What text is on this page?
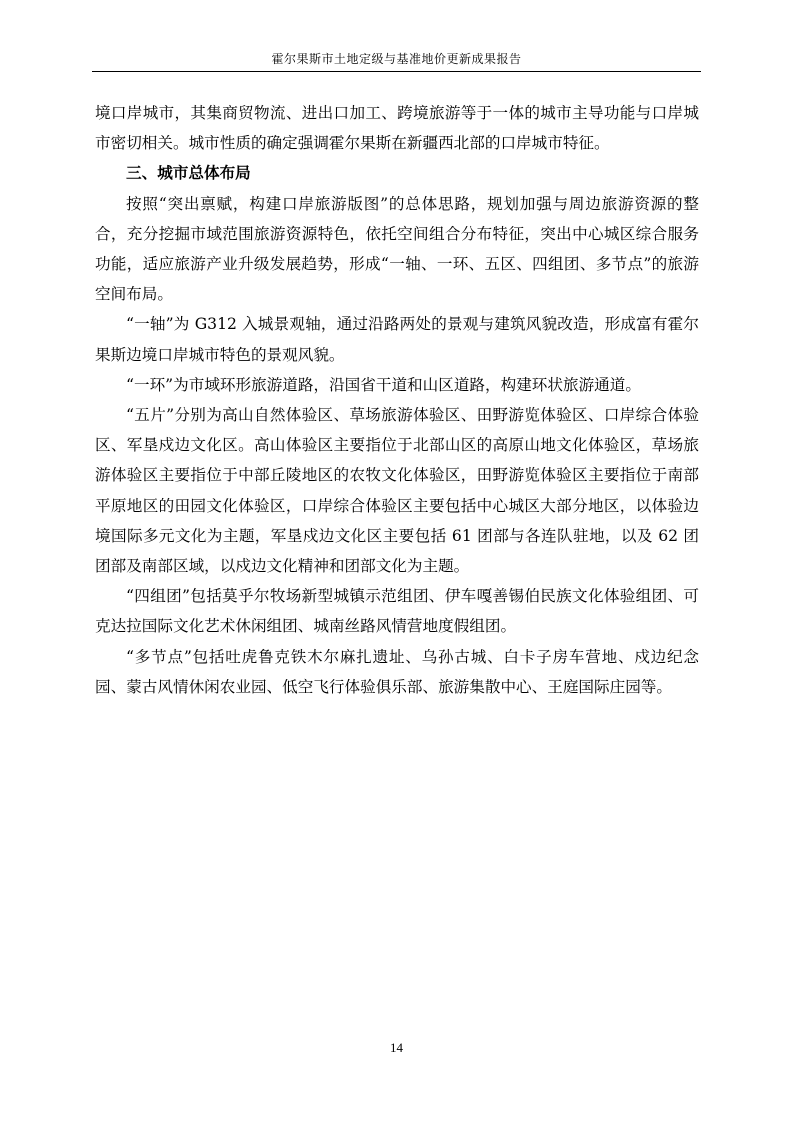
霍尔果斯市土地定级与基准地价更新成果报告

境口岸城市，其集商贸物流、进出口加工、跨境旅游等于一体的城市主导功能与口岸城市密切相关。城市性质的确定强调霍尔果斯在新疆西北部的口岸城市特征。

三、城市总体布局

按照“突出禀赋，构建口岸旅游版图”的总体思路，规划加强与周边旅游资源的整合，充分挖掘市域范围旅游资源特色，依托空间组合分布特征，突出中心城区综合服务功能，适应旅游产业升级发展趋势，形成“一轴、一环、五区、四组团、多节点”的旅游空间布局。

“一轴”为 G312 入城景观轴，通过沿路两处的景观与建筑风貌改造，形成富有霍尔果斯边境口岸城市特色的景观风貌。

“一环”为市域环形旅游道路，沿国省干道和山区道路，构建环状旅游通道。

“五片”分别为高山自然体验区、草场旅游体验区、田野游览体验区、口岸综合体验区、军垦戍边文化区。高山体验区主要指位于北部山区的高原山地文化体验区，草场旅游体验区主要指位于中部丘陵地区的农牧文化体验区，田野游览体验区主要指位于南部平原地区的田园文化体验区，口岸综合体验区主要包括中心城区大部分地区，以体验边境国际多元文化为主题，军垦戍边文化区主要包括 61 团部与各连队驻地，以及 62 团团部及南部区域，以戍边文化精神和团部文化为主题。

“四组团”包括莫乎尔牧场新型城镇示范组团、伊车嘎善锡伯民族文化体验组团、可克达拉国际文化艺术休闲组团、城南丝路风情营地度假组团。

“多节点”包括吐虎鲁克铁木尔麻扎遗址、乌孙古城、白卡子房车营地、戍边纪念园、蒙古风情休闲农业园、低空飞行体验俱乐部、旅游集散中心、王庭国际庄园等。

14
